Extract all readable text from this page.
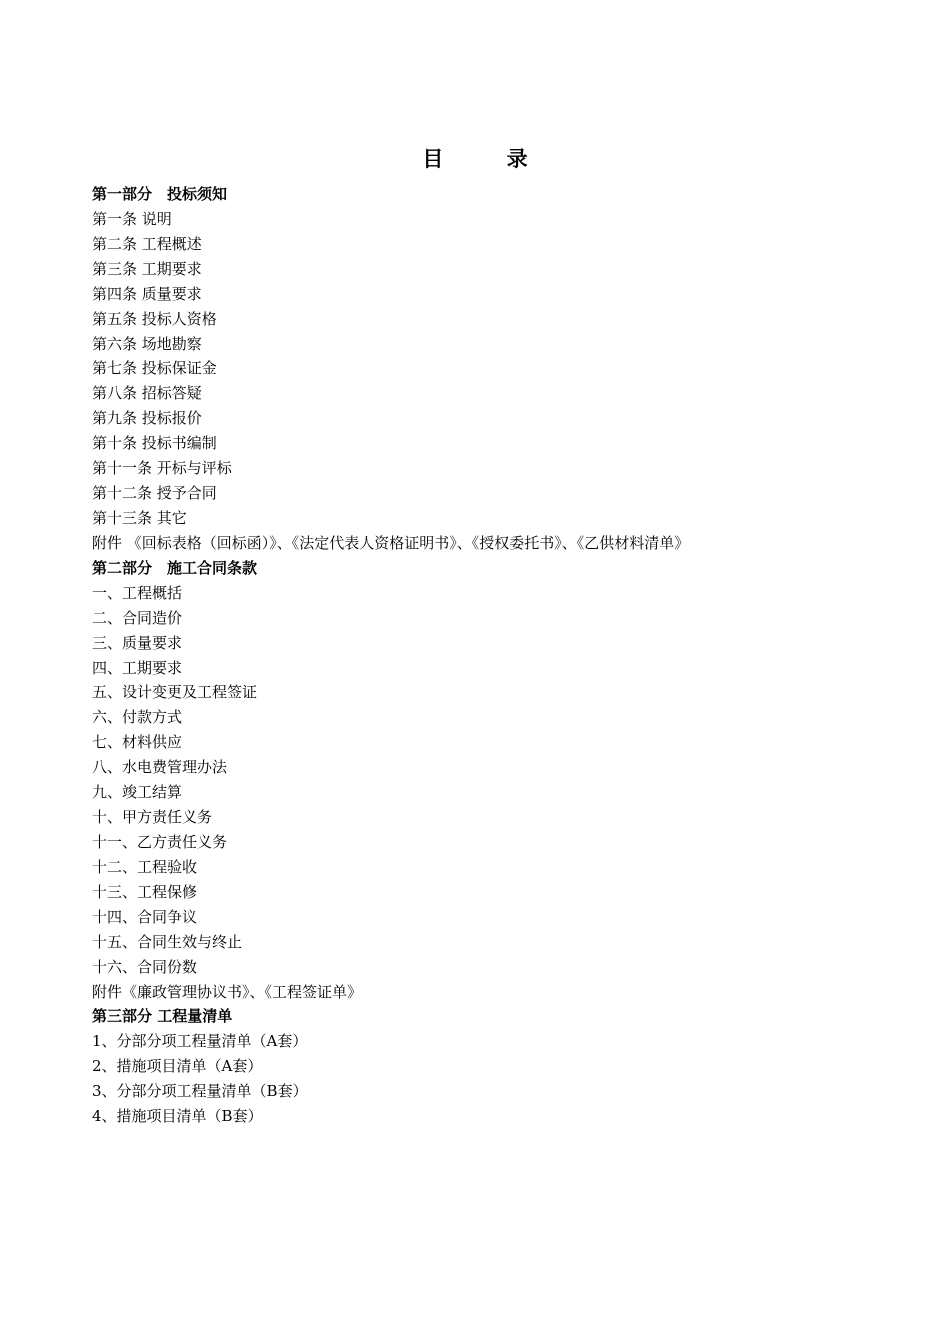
目 录
第一部分　投标须知
第一条 说明
第二条 工程概述
第三条 工期要求
第四条 质量要求
第五条 投标人资格
第六条 场地勘察
第七条 投标保证金
第八条 招标答疑
第九条 投标报价
第十条 投标书编制
第十一条 开标与评标
第十二条 授予合同
第十三条 其它
附件 《回标表格（回标函）》、《法定代表人资格证明书》、《授权委托书》、《乙供材料清单》
第二部分　施工合同条款
一、工程概括
二、合同造价
三、质量要求
四、工期要求
五、设计变更及工程签证
六、付款方式
七、材料供应
八、水电费管理办法
九、竣工结算
十、甲方责任义务
十一、乙方责任义务
十二、工程验收
十三、工程保修
十四、合同争议
十五、合同生效与终止
十六、合同份数
附件《廉政管理协议书》、《工程签证单》
第三部分 工程量清单
1、分部分项工程量清单（A套）
2、措施项目清单（A套）
3、分部分项工程量清单（B套）
4、措施项目清单（B套）
